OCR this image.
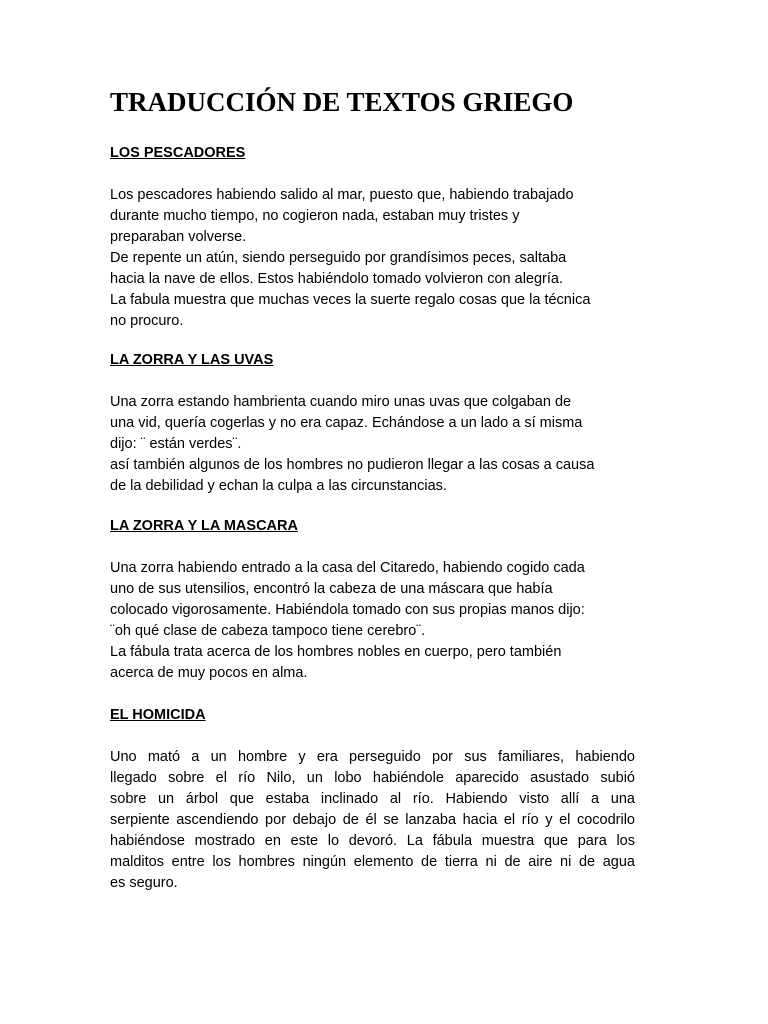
TRADUCCIÓN DE TEXTOS GRIEGO
LOS PESCADORES

Los pescadores habiendo salido al mar, puesto que, habiendo trabajado
durante mucho tiempo, no cogieron nada, estaban muy tristes y
preparaban volverse.
De repente un atún, siendo perseguido por grandísimos peces, saltaba
hacia la nave de ellos. Estos habiéndolo tomado volvieron con alegría.
La fabula muestra que muchas veces la suerte regalo cosas que la técnica
no procuro.

LA ZORRA Y LAS UVAS

Una zorra estando hambrienta cuando miro unas uvas que colgaban de
una vid, quería cogerlas y no era capaz. Echándose a un lado a sí misma
dijo: ¨ están verdes¨.
así también algunos de los hombres no pudieron llegar a las cosas a causa
de la debilidad y echan la culpa a las circunstancias.

LA ZORRA Y LA MASCARA

Una zorra habiendo entrado a la casa del Citaredo, habiendo cogido cada
uno de sus utensilios, encontró la cabeza de una máscara que había
colocado vigorosamente. Habiéndola tomado con sus propias manos dijo:
¨oh qué clase de cabeza tampoco tiene cerebro¨.
La fábula trata acerca de los hombres nobles en cuerpo, pero también
acerca de muy pocos en alma.

EL HOMICIDA

Uno mató a un hombre y era perseguido por sus familiares, habiendo
llegado sobre el río Nilo, un lobo habiéndole aparecido asustado subió
sobre un árbol que estaba inclinado al río. Habiendo visto allí a una
serpiente ascendiendo por debajo de él se lanzaba hacia el río y el cocodrilo
habiéndose mostrado en este lo devoró. La fábula muestra que para los
malditos entre los hombres ningún elemento de tierra ni de aire ni de agua
es seguro.
